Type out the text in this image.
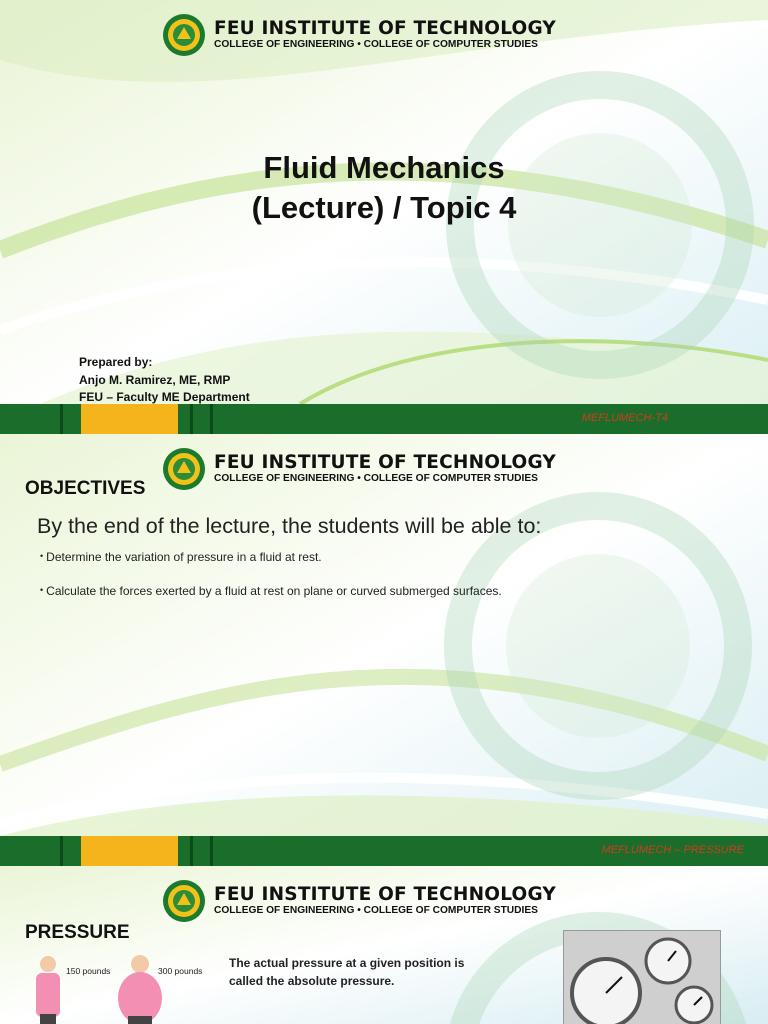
FEU INSTITUTE OF TECHNOLOGY
COLLEGE OF ENGINEERING • COLLEGE OF COMPUTER STUDIES
Fluid Mechanics
(Lecture) / Topic 4
Prepared by:
Anjo M. Ramirez, ME, RMP
FEU – Faculty ME Department
MEFLUMECH-T4
FEU INSTITUTE OF TECHNOLOGY
COLLEGE OF ENGINEERING • COLLEGE OF COMPUTER STUDIES
OBJECTIVES
By the end of the lecture, the students will be able to:
• Determine the variation of pressure in a fluid at rest.
• Calculate the forces exerted by a fluid at rest on plane or curved submerged surfaces.
MEFLUMECH – PRESSURE
FEU INSTITUTE OF TECHNOLOGY
COLLEGE OF ENGINEERING • COLLEGE OF COMPUTER STUDIES
PRESSURE
150 pounds	300 pounds
The actual pressure at a given position is
called the absolute pressure.
